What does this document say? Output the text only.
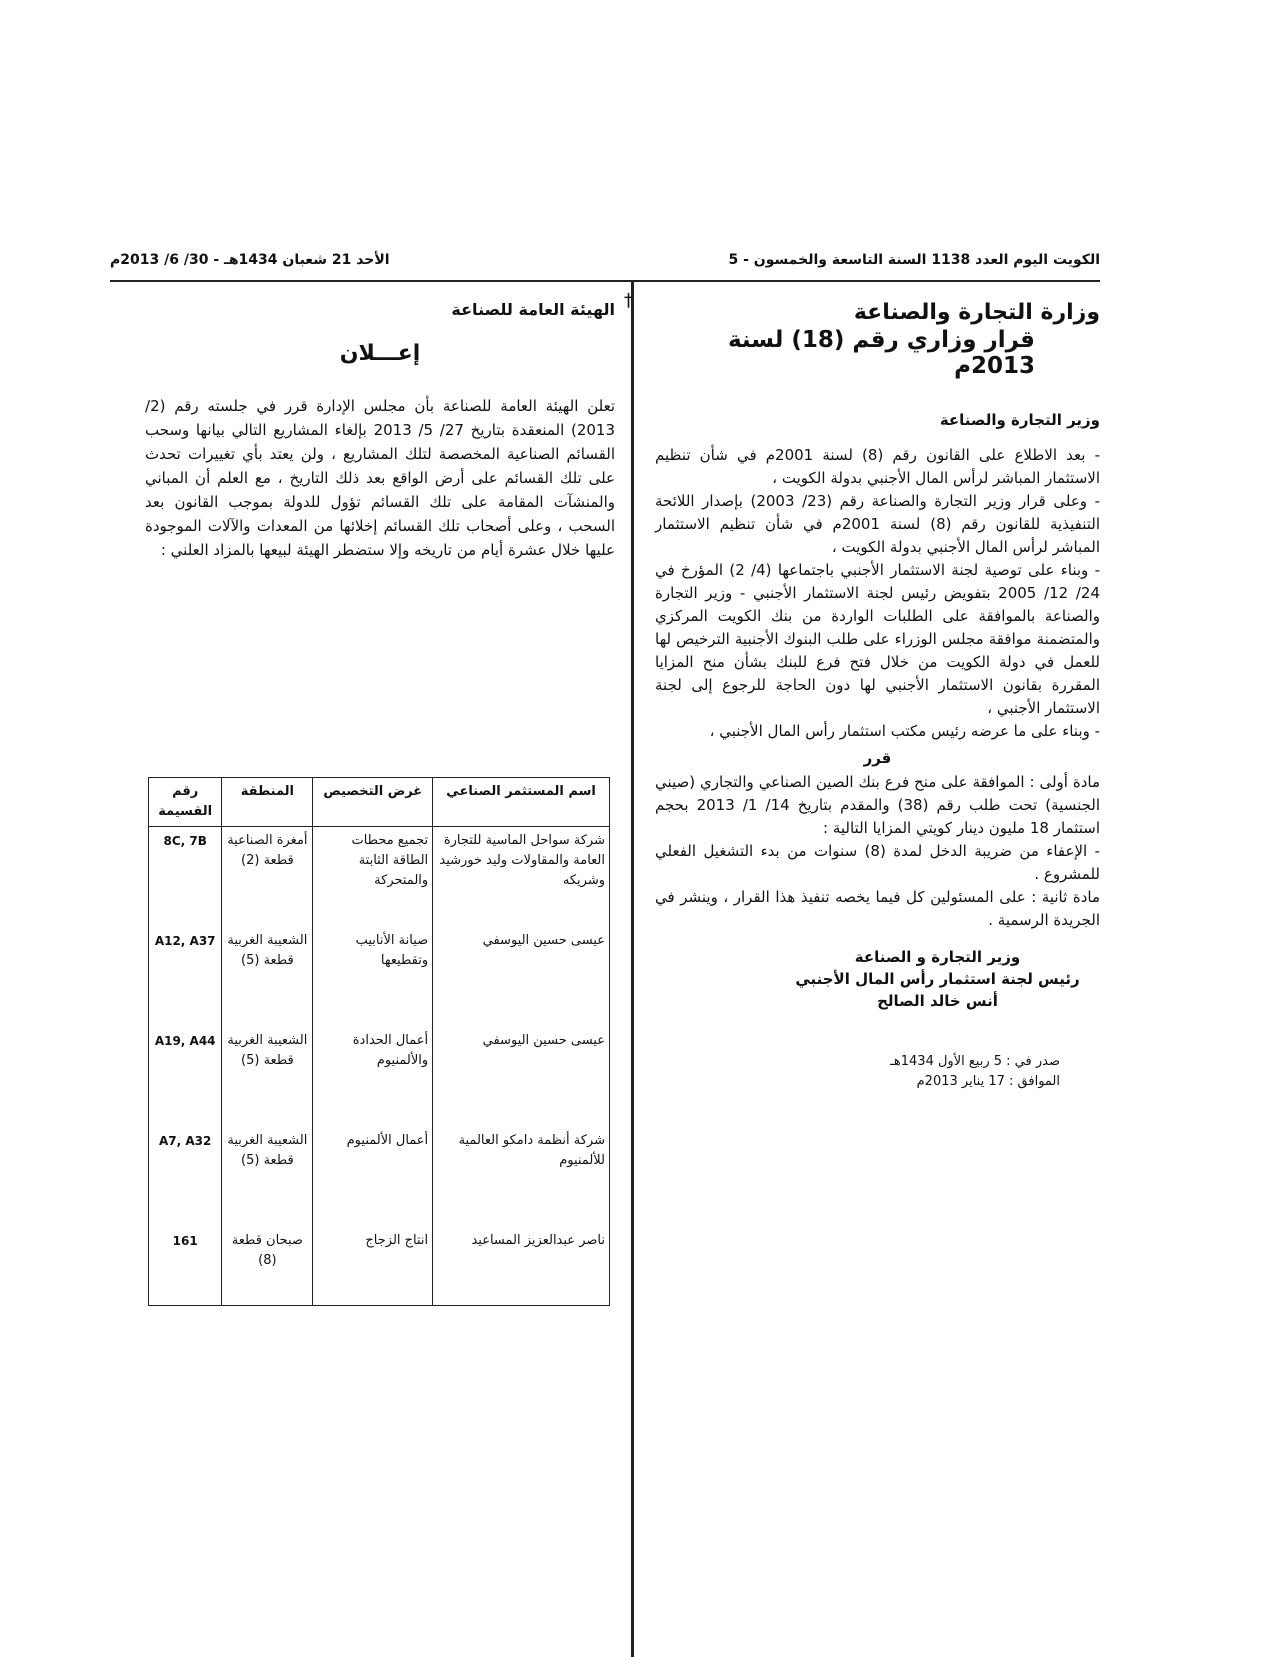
الكويت اليوم العدد 1138 السنة التاسعة والخمسون - 5
الأحد 21 شعبان 1434هـ - 30/ 6/ 2013م
†	وزارة التجارة والصناعة

قرار وزاري رقم (18) لسنة 2013م

وزير التجارة والصناعة

- بعد الاطلاع على القانون رقم (8) لسنة 2001م في شأن تنظيم الاستثمار المباشر لرأس المال الأجنبي بدولة الكويت ،

- وعلى قرار وزير التجارة والصناعة رقم (23/ 2003) بإصدار اللائحة التنفيذية للقانون رقم (8) لسنة 2001م في شأن تنظيم الاستثمار المباشر لرأس المال الأجنبي بدولة الكويت ،

- وبناء على توصية لجنة الاستثمار الأجنبي باجتماعها (4/ 2) المؤرخ في 24/ 12/ 2005 بتفويض رئيس لجنة الاستثمار الأجنبي - وزير التجارة والصناعة بالموافقة على الطلبات الواردة من بنك الكويت المركزي والمتضمنة موافقة مجلس الوزراء على طلب البنوك الأجنبية الترخيص لها للعمل في دولة الكويت من خلال فتح فرع للبنك بشأن منح المزايا المقررة بقانون الاستثمار الأجنبي لها دون الحاجة للرجوع إلى لجنة الاستثمار الأجنبي ،

- وبناء على ما عرضه رئيس مكتب استثمار رأس المال الأجنبي ،

قرر

مادة أولى : الموافقة على منح فرع بنك الصين الصناعي والتجاري (صيني الجنسية) تحت طلب رقم (38) والمقدم بتاريخ 14/ 1/ 2013 بحجم استثمار 18 مليون دينار كويتي المزايا التالية :

- الإعفاء من ضريبة الدخل لمدة (8) سنوات من بدء التشغيل الفعلي للمشروع .

مادة ثانية : على المسئولين كل فيما يخصه تنفيذ هذا القرار ، وينشر في الجريدة الرسمية .

وزير التجارة و الصناعة
رئيس لجنة استثمار رأس المال الأجنبي
أنس خالد الصالح
صدر في : 5 ربيع الأول 1434هـ
الموافق : 17 يناير 2013م

الهيئة العامة للصناعة

إعـــلان

تعلن الهيئة العامة للصناعة بأن مجلس الإدارة قرر في جلسته رقم (2/ 2013) المنعقدة بتاريخ 27/ 5/ 2013 بإلغاء المشاريع التالي بيانها وسحب القسائم الصناعية المخصصة لتلك المشاريع ، ولن يعتد بأي تغييرات تحدث على تلك القسائم على أرض الواقع بعد ذلك التاريخ ، مع العلم أن المباني والمنشآت المقامة على تلك القسائم تؤول للدولة بموجب القانون بعد السحب ، وعلى أصحاب تلك القسائم إخلائها من المعدات والآلات الموجودة عليها خلال عشرة أيام من تاريخه وإلا ستضطر الهيئة لبيعها بالمزاد العلني :

اسم المستثمر الصناعي	غرض التخصيص	المنطقة	رقم القسيمة
شركة سواحل الماسية للتجارة العامة والمقاولات وليد خورشيد وشريكه	تجميع محطات الطاقة الثابتة والمتحركة	أمغرة الصناعية قطعة (2)	8C, 7B
عيسى حسين اليوسفي	صيانة الأنابيب وتقطيعها	الشعيبة الغربية قطعة (5)	A12, A37
عيسى حسين اليوسفي	أعمال الحدادة والألمنيوم	الشعيبة الغربية قطعة (5)	A19, A44
شركة أنظمة دامكو العالمية للألمنيوم	أعمال الألمنيوم	الشعيبة الغربية قطعة (5)	A7, A32
ناصر عبدالعزيز المساعيد	انتاج الزجاج	صبحان قطعة (8)	161
